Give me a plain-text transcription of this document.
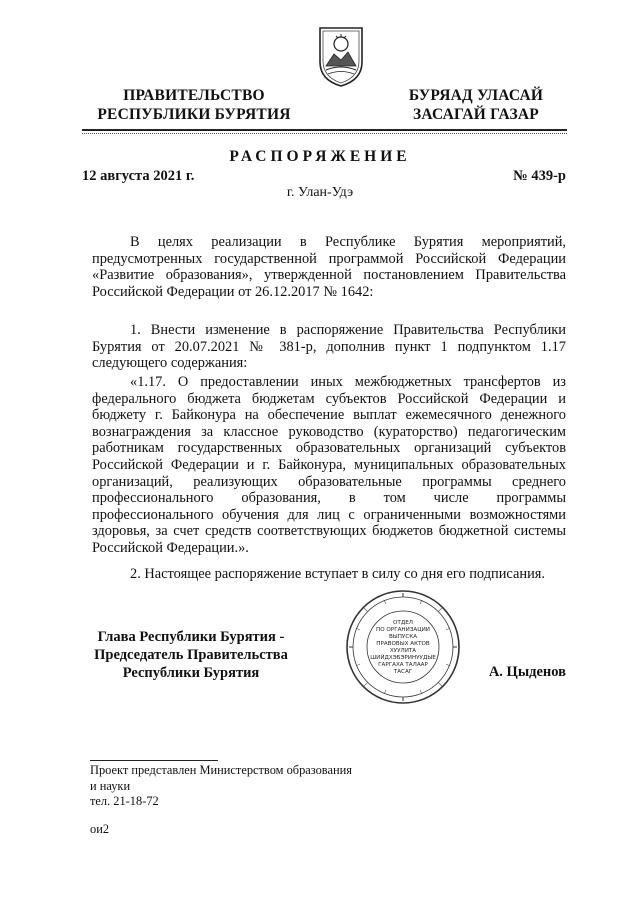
ПРАВИТЕЛЬСТВО
РЕСПУБЛИКИ БУРЯТИЯ
БУРЯАД УЛАСАЙ
ЗАСАГАЙ ГАЗАР
РАСПОРЯЖЕНИЕ
12 августа 2021 г.	№ 439-р
г. Улан-Удэ
В целях реализации в Республике Бурятия мероприятий, предусмотренных государственной программой Российской Федерации «Развитие образования», утвержденной постановлением Правительства Российской Федерации от 26.12.2017 № 1642:
1. Внести изменение в распоряжение Правительства Республики Бурятия от 20.07.2021 № 381-р, дополнив пункт 1 подпунктом 1.17 следующего содержания:
«1.17. О предоставлении иных межбюджетных трансфертов из федерального бюджета бюджетам субъектов Российской Федерации и бюджету г. Байконура на обеспечение выплат ежемесячного денежного вознаграждения за классное руководство (кураторство) педагогическим работникам государственных образовательных организаций субъектов Российской Федерации и г. Байконура, муниципальных образовательных организаций, реализующих образовательные программы среднего профессионального образования, в том числе программы профессионального обучения для лиц с ограниченными возможностями здоровья, за счет средств соответствующих бюджетов бюджетной системы Российской Федерации.».
2. Настоящее распоряжение вступает в силу со дня его подписания.
Глава Республики Бурятия -
Председатель Правительства
Республики Бурятия	А. Цыденов
ОТДЕЛ
ПО ОРГАНИЗАЦИИ
ВЫПУСКА
ПРАВОВЫХ АКТОВ
ХУУЛИТА
ШИЙДХЭБЭРИНУУДЫЕ
ГАРГАХА ТАЛААР
ТАСАГ
Проект представлен Министерством образования
и науки
тел. 21-18-72
ои2
